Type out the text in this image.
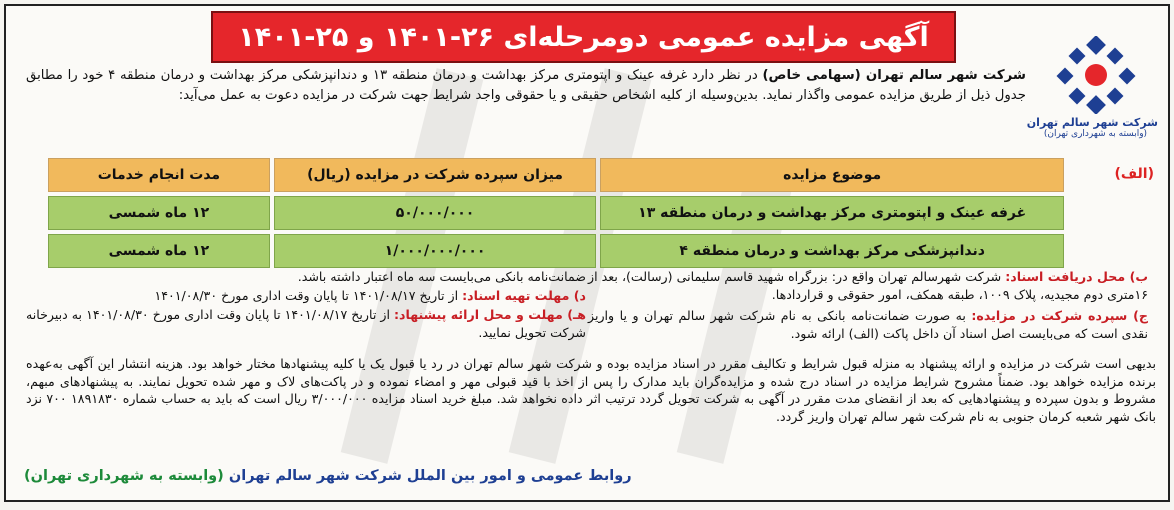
آگهی مزایده عمومی دومرحله‌ای ۲۶-۱۴۰۱ و ۲۵-۱۴۰۱
شرکت شهر سالم تهران
(وابسته به شهرداری تهران)
شرکت شهر سالم تهران (سهامی خاص) در نظر دارد غرفه عینک و اپتومتری مرکز بهداشت و درمان منطقه ۱۳ و دندانپزشکی مرکز بهداشت و درمان منطقه ۴ خود را مطابق جدول ذیل از طریق مزایده عمومی واگذار نماید. بدین‌وسیله از کلیه اشخاص حقیقی و یا حقوقی واجد شرایط جهت شرکت در مزایده دعوت به عمل می‌آید:
(الف)
موضوع مزایده	میزان سپرده شرکت در مزایده (ریال)	مدت انجام خدمات
غرفه عینک و اپتومتری مرکز بهداشت و درمان منطقه ۱۳	۵۰/۰۰۰/۰۰۰	۱۲ ماه شمسی
دندانپزشکی مرکز بهداشت و درمان منطقه ۴	۱/۰۰۰/۰۰۰/۰۰۰	۱۲ ماه شمسی
ب) محل دریافت اسناد: شرکت شهرسالم تهران واقع در: بزرگراه شهید قاسم سلیمانی (رسالت)، بعد از ۱۶متری دوم مجیدیه، پلاک ۱۰۰۹، طبقه همکف، امور حقوقی و قراردادها.
ج) سپرده شرکت در مزایده: به صورت ضمانت‌نامه بانکی به نام شرکت شهر سالم تهران و یا واریز نقدی است که می‌بایست اصل اسناد آن داخل پاکت (الف) ارائه شود.
ضمانت‌نامه بانکی می‌بایست سه ماه اعتبار داشته باشد.
د) مهلت تهیه اسناد: از تاریخ ۱۴۰۱/۰۸/۱۷ تا پایان وقت اداری مورخ ۱۴۰۱/۰۸/۳۰
هـ) مهلت و محل ارائه پیشنهاد: از تاریخ ۱۴۰۱/۰۸/۱۷ تا پایان وقت اداری مورخ ۱۴۰۱/۰۸/۳۰ به دبیرخانه شرکت تحویل نمایید.
بدیهی است شرکت در مزایده و ارائه پیشنهاد به منزله قبول شرایط و تکالیف مقرر در اسناد مزایده بوده و شرکت شهر سالم تهران در رد یا قبول یک یا کلیه پیشنهادها مختار خواهد بود. هزینه انتشار این آگهی به‌عهده برنده مزایده خواهد بود. ضمناً مشروح شرایط مزایده در اسناد درج شده و مزایده‌گران باید مدارک را پس از اخذ با قید قبولی مهر و امضاء نموده و در پاکت‌های لاک و مهر شده تحویل نمایند. به پیشنهادهای مبهم، مشروط و بدون سپرده و پیشنهادهایی که بعد از انقضای مدت مقرر در آگهی به شرکت تحویل گردد ترتیب اثر داده نخواهد شد. مبلغ خرید اسناد مزایده ۳/۰۰۰/۰۰۰ ریال است که باید به حساب شماره ۱۸۹۱۸۳۰ ۷۰۰ نزد بانک شهر شعبه کرمان جنوبی به نام شرکت شهر سالم تهران واریز گردد.
روابط عمومی و امور بین الملل شرکت شهر سالم تهران (وابسته به شهرداری تهران)
